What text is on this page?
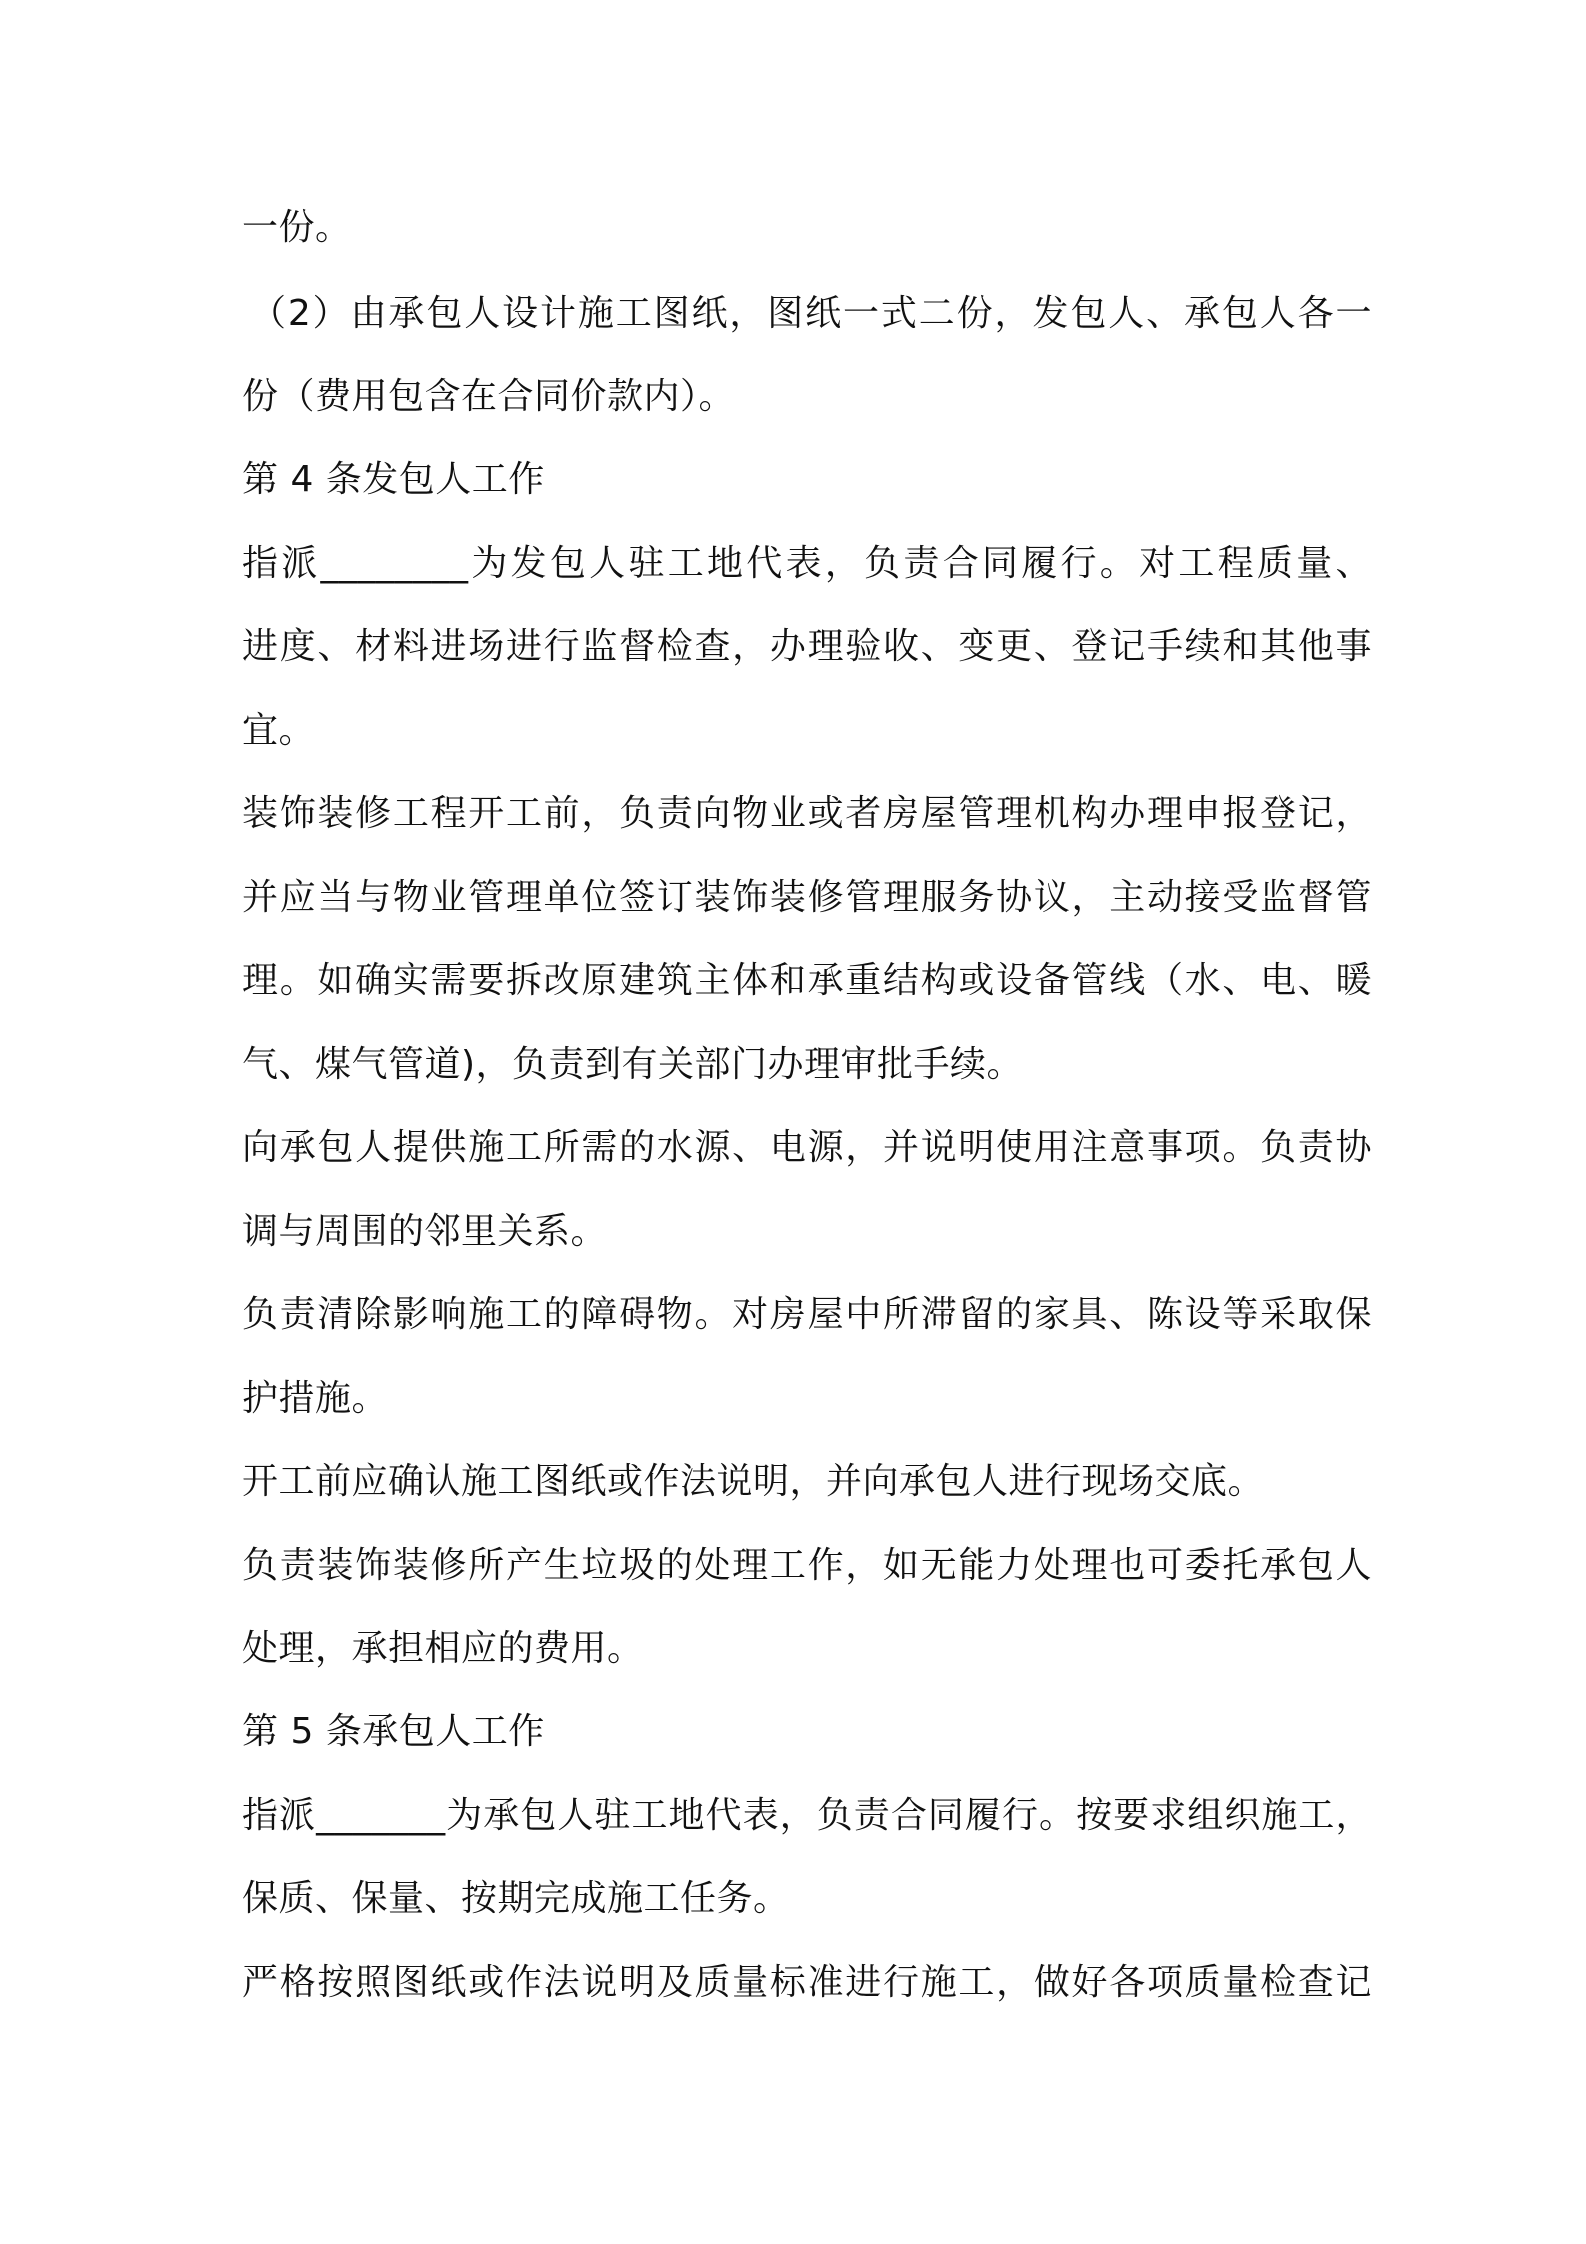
一份。
（2）由承包人设计施工图纸，图纸一式二份，发包人、承包人各一
份（费用包含在合同价款内）。
第 4 条发包人工作
指派________为发包人驻工地代表，负责合同履行。对工程质量、
进度、材料进场进行监督检查，办理验收、变更、登记手续和其他事
宜。
装饰装修工程开工前，负责向物业或者房屋管理机构办理申报登记，
并应当与物业管理单位签订装饰装修管理服务协议，主动接受监督管
理。如确实需要拆改原建筑主体和承重结构或设备管线（水、电、暖
气、煤气管道)，负责到有关部门办理审批手续。
向承包人提供施工所需的水源、电源，并说明使用注意事项。负责协
调与周围的邻里关系。
负责清除影响施工的障碍物。对房屋中所滞留的家具、陈设等采取保
护措施。
开工前应确认施工图纸或作法说明，并向承包人进行现场交底。
负责装饰装修所产生垃圾的处理工作，如无能力处理也可委托承包人
处理，承担相应的费用。
第 5 条承包人工作
指派_______为承包人驻工地代表，负责合同履行。按要求组织施工，
保质、保量、按期完成施工任务。
严格按照图纸或作法说明及质量标准进行施工，做好各项质量检查记
